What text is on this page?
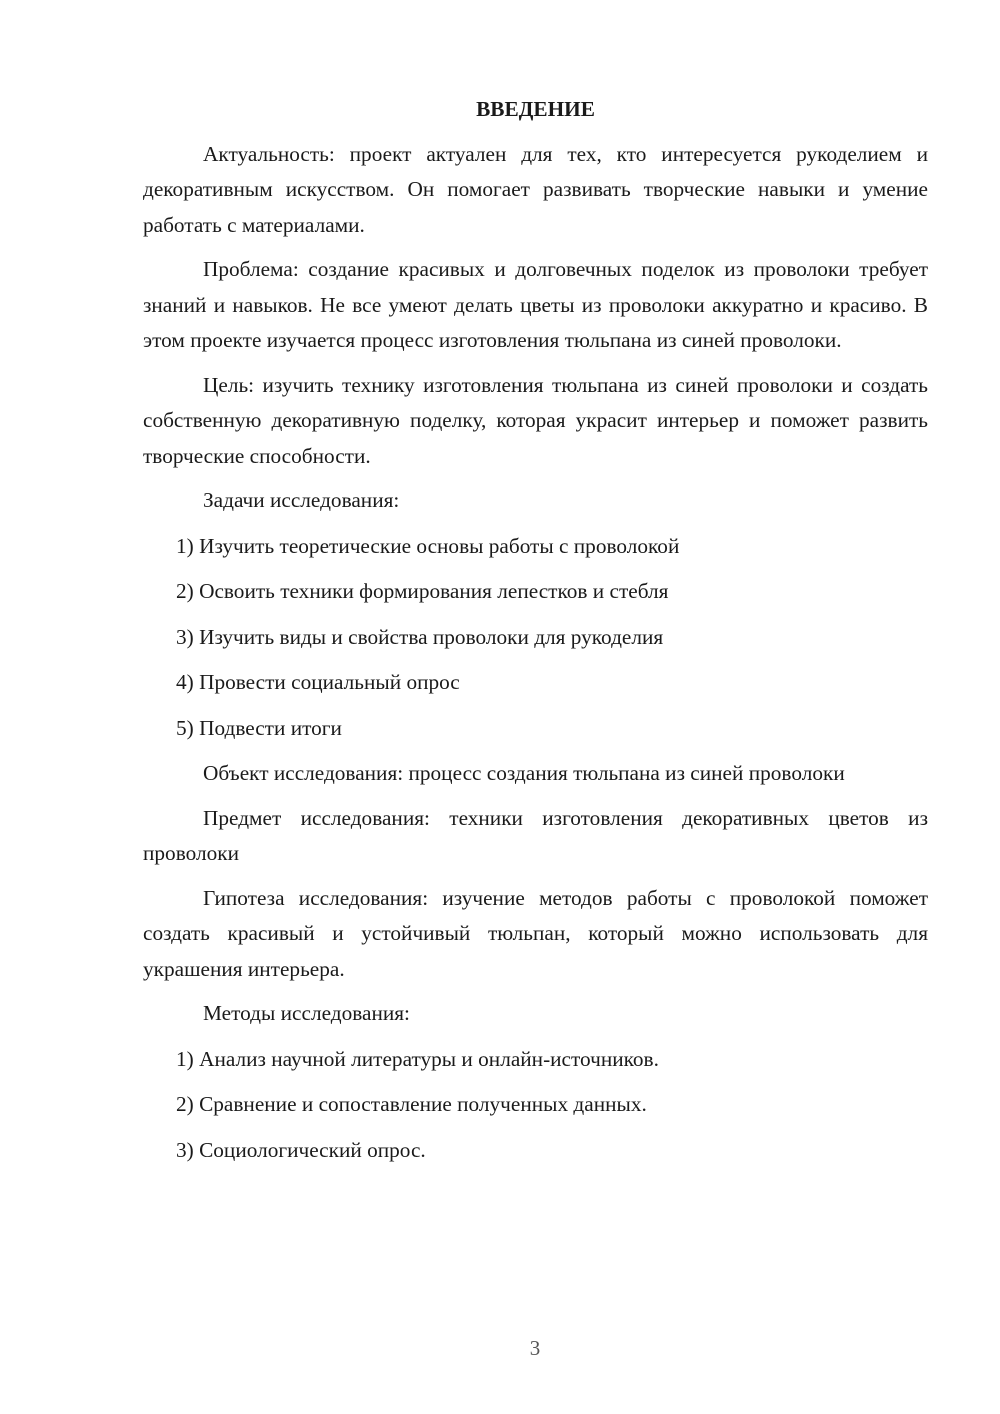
ВВЕДЕНИЕ

Актуальность: проект актуален для тех, кто интересуется рукоделием и декоративным искусством. Он помогает развивать творческие навыки и умение работать с материалами.

Проблема: создание красивых и долговечных поделок из проволоки требует знаний и навыков. Не все умеют делать цветы из проволоки аккуратно и красиво. В этом проекте изучается процесс изготовления тюльпана из синей проволоки.

Цель: изучить технику изготовления тюльпана из синей проволоки и создать собственную декоративную поделку, которая украсит интерьер и поможет развить творческие способности.

Задачи исследования:
1) Изучить теоретические основы работы с проволокой
2) Освоить техники формирования лепестков и стебля
3) Изучить виды и свойства проволоки для рукоделия
4) Провести социальный опрос
5) Подвести итоги

Объект исследования: процесс создания тюльпана из синей проволоки

Предмет исследования: техники изготовления декоративных цветов из проволоки

Гипотеза исследования: изучение методов работы с проволокой поможет создать красивый и устойчивый тюльпан, который можно использовать для украшения интерьера.

Методы исследования:
1) Анализ научной литературы и онлайн-источников.
2) Сравнение и сопоставление полученных данных.
3) Социологический опрос.
3
